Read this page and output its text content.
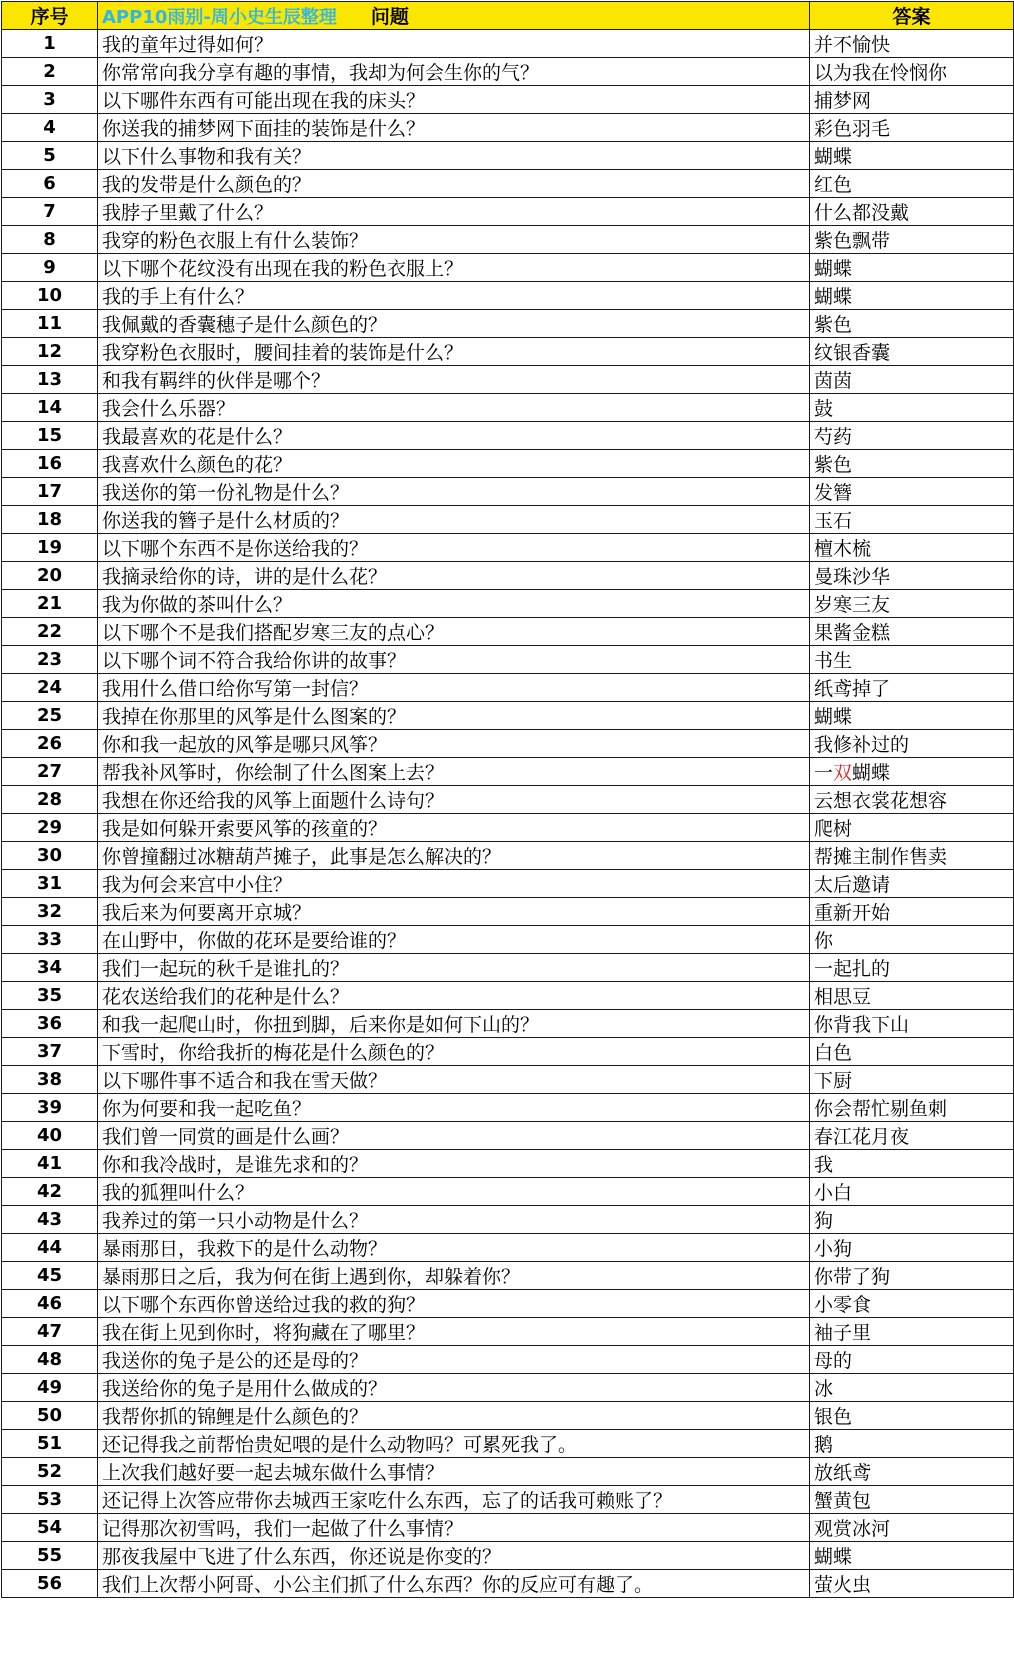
序号	APP10雨别-周小史生辰整理 问题	答案
1	我的童年过得如何？	并不愉快
2	你常常向我分享有趣的事情，我却为何会生你的气？	以为我在怜悯你
3	以下哪件东西有可能出现在我的床头？	捕梦网
4	你送我的捕梦网下面挂的装饰是什么？	彩色羽毛
5	以下什么事物和我有关？	蝴蝶
6	我的发带是什么颜色的？	红色
7	我脖子里戴了什么？	什么都没戴
8	我穿的粉色衣服上有什么装饰？	紫色飘带
9	以下哪个花纹没有出现在我的粉色衣服上？	蝴蝶
10	我的手上有什么？	蝴蝶
11	我佩戴的香囊穗子是什么颜色的？	紫色
12	我穿粉色衣服时，腰间挂着的装饰是什么？	纹银香囊
13	和我有羁绊的伙伴是哪个？	茵茵
14	我会什么乐器？	鼓
15	我最喜欢的花是什么？	芍药
16	我喜欢什么颜色的花？	紫色
17	我送你的第一份礼物是什么？	发簪
18	你送我的簪子是什么材质的？	玉石
19	以下哪个东西不是你送给我的？	檀木梳
20	我摘录给你的诗，讲的是什么花？	曼珠沙华
21	我为你做的茶叫什么？	岁寒三友
22	以下哪个不是我们搭配岁寒三友的点心？	果酱金糕
23	以下哪个词不符合我给你讲的故事？	书生
24	我用什么借口给你写第一封信？	纸鸢掉了
25	我掉在你那里的风筝是什么图案的？	蝴蝶
26	你和我一起放的风筝是哪只风筝？	我修补过的
27	帮我补风筝时，你绘制了什么图案上去？	一双蝴蝶
28	我想在你还给我的风筝上面题什么诗句？	云想衣裳花想容
29	我是如何躲开索要风筝的孩童的？	爬树
30	你曾撞翻过冰糖葫芦摊子，此事是怎么解决的？	帮摊主制作售卖
31	我为何会来宫中小住？	太后邀请
32	我后来为何要离开京城？	重新开始
33	在山野中，你做的花环是要给谁的？	你
34	我们一起玩的秋千是谁扎的？	一起扎的
35	花农送给我们的花种是什么？	相思豆
36	和我一起爬山时，你扭到脚，后来你是如何下山的？	你背我下山
37	下雪时，你给我折的梅花是什么颜色的？	白色
38	以下哪件事不适合和我在雪天做？	下厨
39	你为何要和我一起吃鱼？	你会帮忙剔鱼刺
40	我们曾一同赏的画是什么画？	春江花月夜
41	你和我冷战时，是谁先求和的？	我
42	我的狐狸叫什么？	小白
43	我养过的第一只小动物是什么？	狗
44	暴雨那日，我救下的是什么动物？	小狗
45	暴雨那日之后，我为何在街上遇到你，却躲着你？	你带了狗
46	以下哪个东西你曾送给过我的救的狗？	小零食
47	我在街上见到你时，将狗藏在了哪里？	袖子里
48	我送你的兔子是公的还是母的？	母的
49	我送给你的兔子是用什么做成的？	冰
50	我帮你抓的锦鲤是什么颜色的？	银色
51	还记得我之前帮怡贵妃喂的是什么动物吗？可累死我了。	鹅
52	上次我们越好要一起去城东做什么事情？	放纸鸢
53	还记得上次答应带你去城西王家吃什么东西，忘了的话我可赖账了？	蟹黄包
54	记得那次初雪吗，我们一起做了什么事情？	观赏冰河
55	那夜我屋中飞进了什么东西，你还说是你变的？	蝴蝶
56	我们上次帮小阿哥、小公主们抓了什么东西？你的反应可有趣了。	萤火虫
